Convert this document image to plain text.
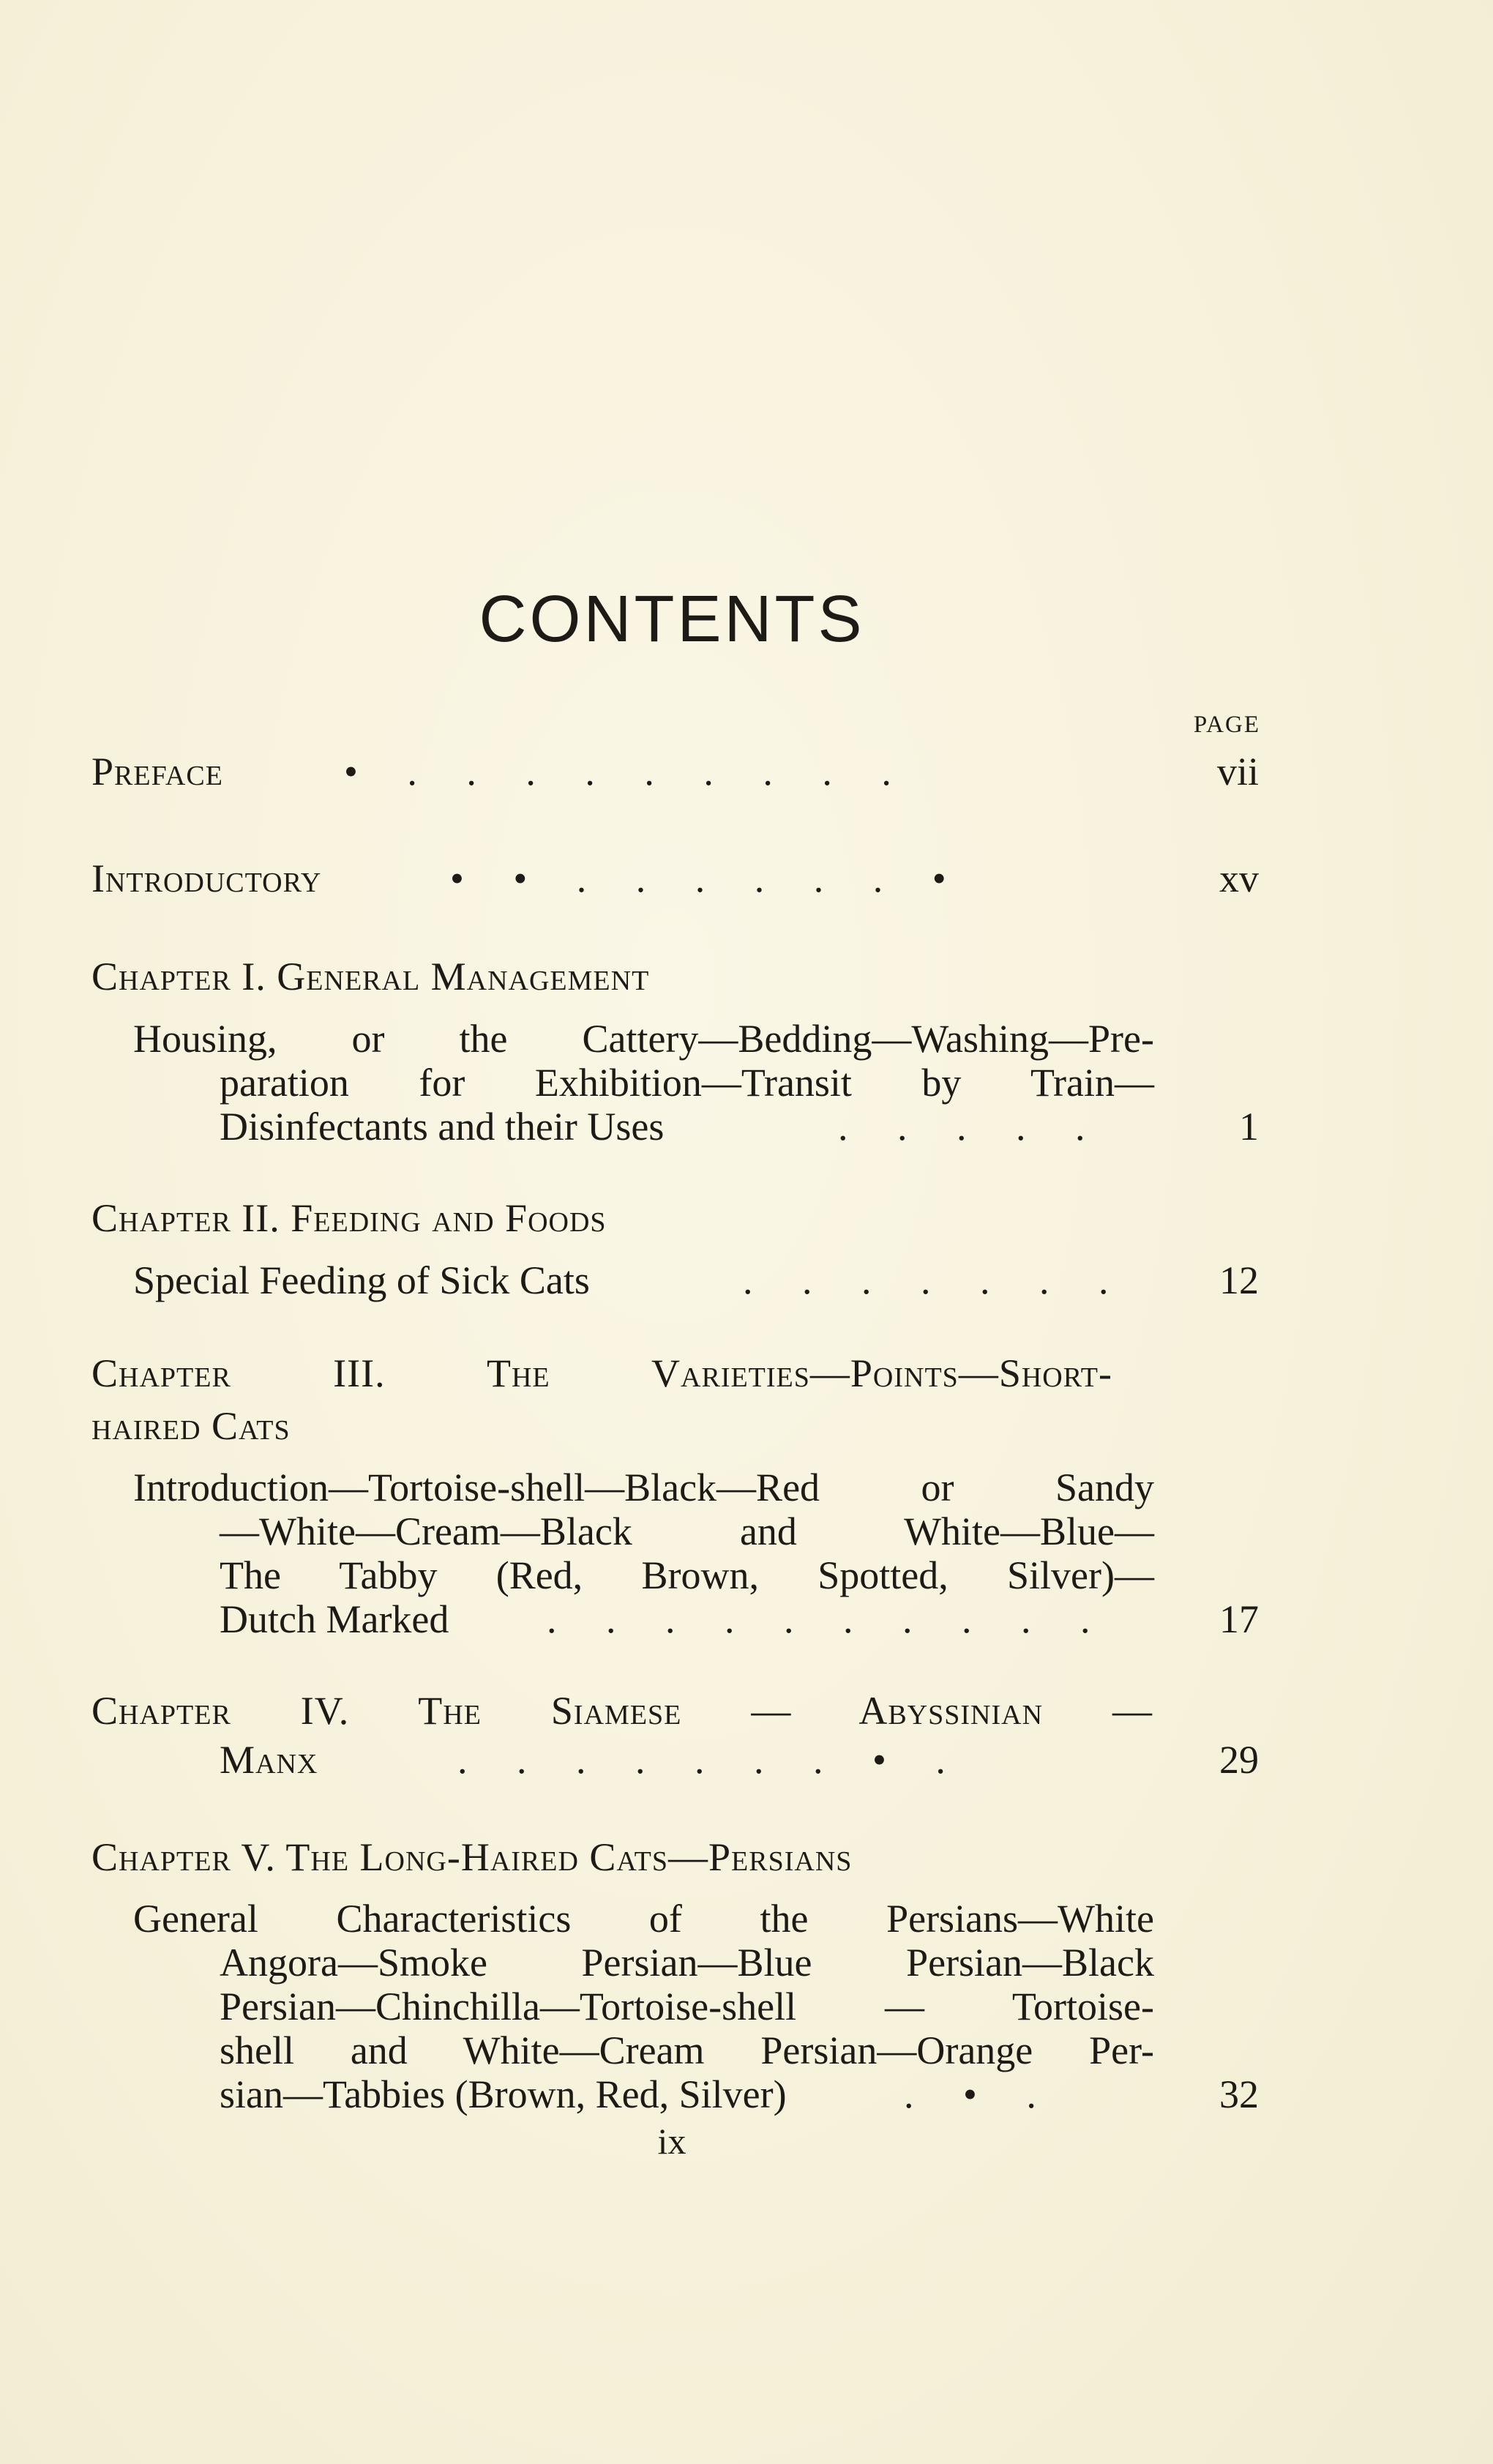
CONTENTS
PAGE
Preface	•     .     .     .     .     .     .     .     .     .	vii
Introductory	•     •     .     .     .     .     .     .     •	xv
Chapter I. General Management
Housing, or the Cattery—Bedding—Washing—Pre-
paration for Exhibition—Transit by Train—
Disinfectants and their Uses	.     .     .     .     .	1
Chapter II. Feeding and Foods
Special Feeding of Sick Cats	.     .     .     .     .     .     .	12
Chapter III. The Varieties—Points—Short-
haired Cats
Introduction—Tortoise-shell—Black—Red or Sandy
—White—Cream—Black and White—Blue—
The Tabby (Red, Brown, Spotted, Silver)—
Dutch Marked .     .     .     .     .     .     .     .     .     .	17
Chapter IV. The Siamese — Abyssinian —
Manx	.     .     .     .     .     .     .     •     .	29
Chapter V. The Long-Haired Cats—Persians
General Characteristics of the Persians—White
Angora—Smoke Persian—Blue Persian—Black
Persian—Chinchilla—Tortoise-shell — Tortoise-
shell and White—Cream Persian—Orange Per-
sian—Tabbies (Brown, Red, Silver)	.     •     .	32
ix
